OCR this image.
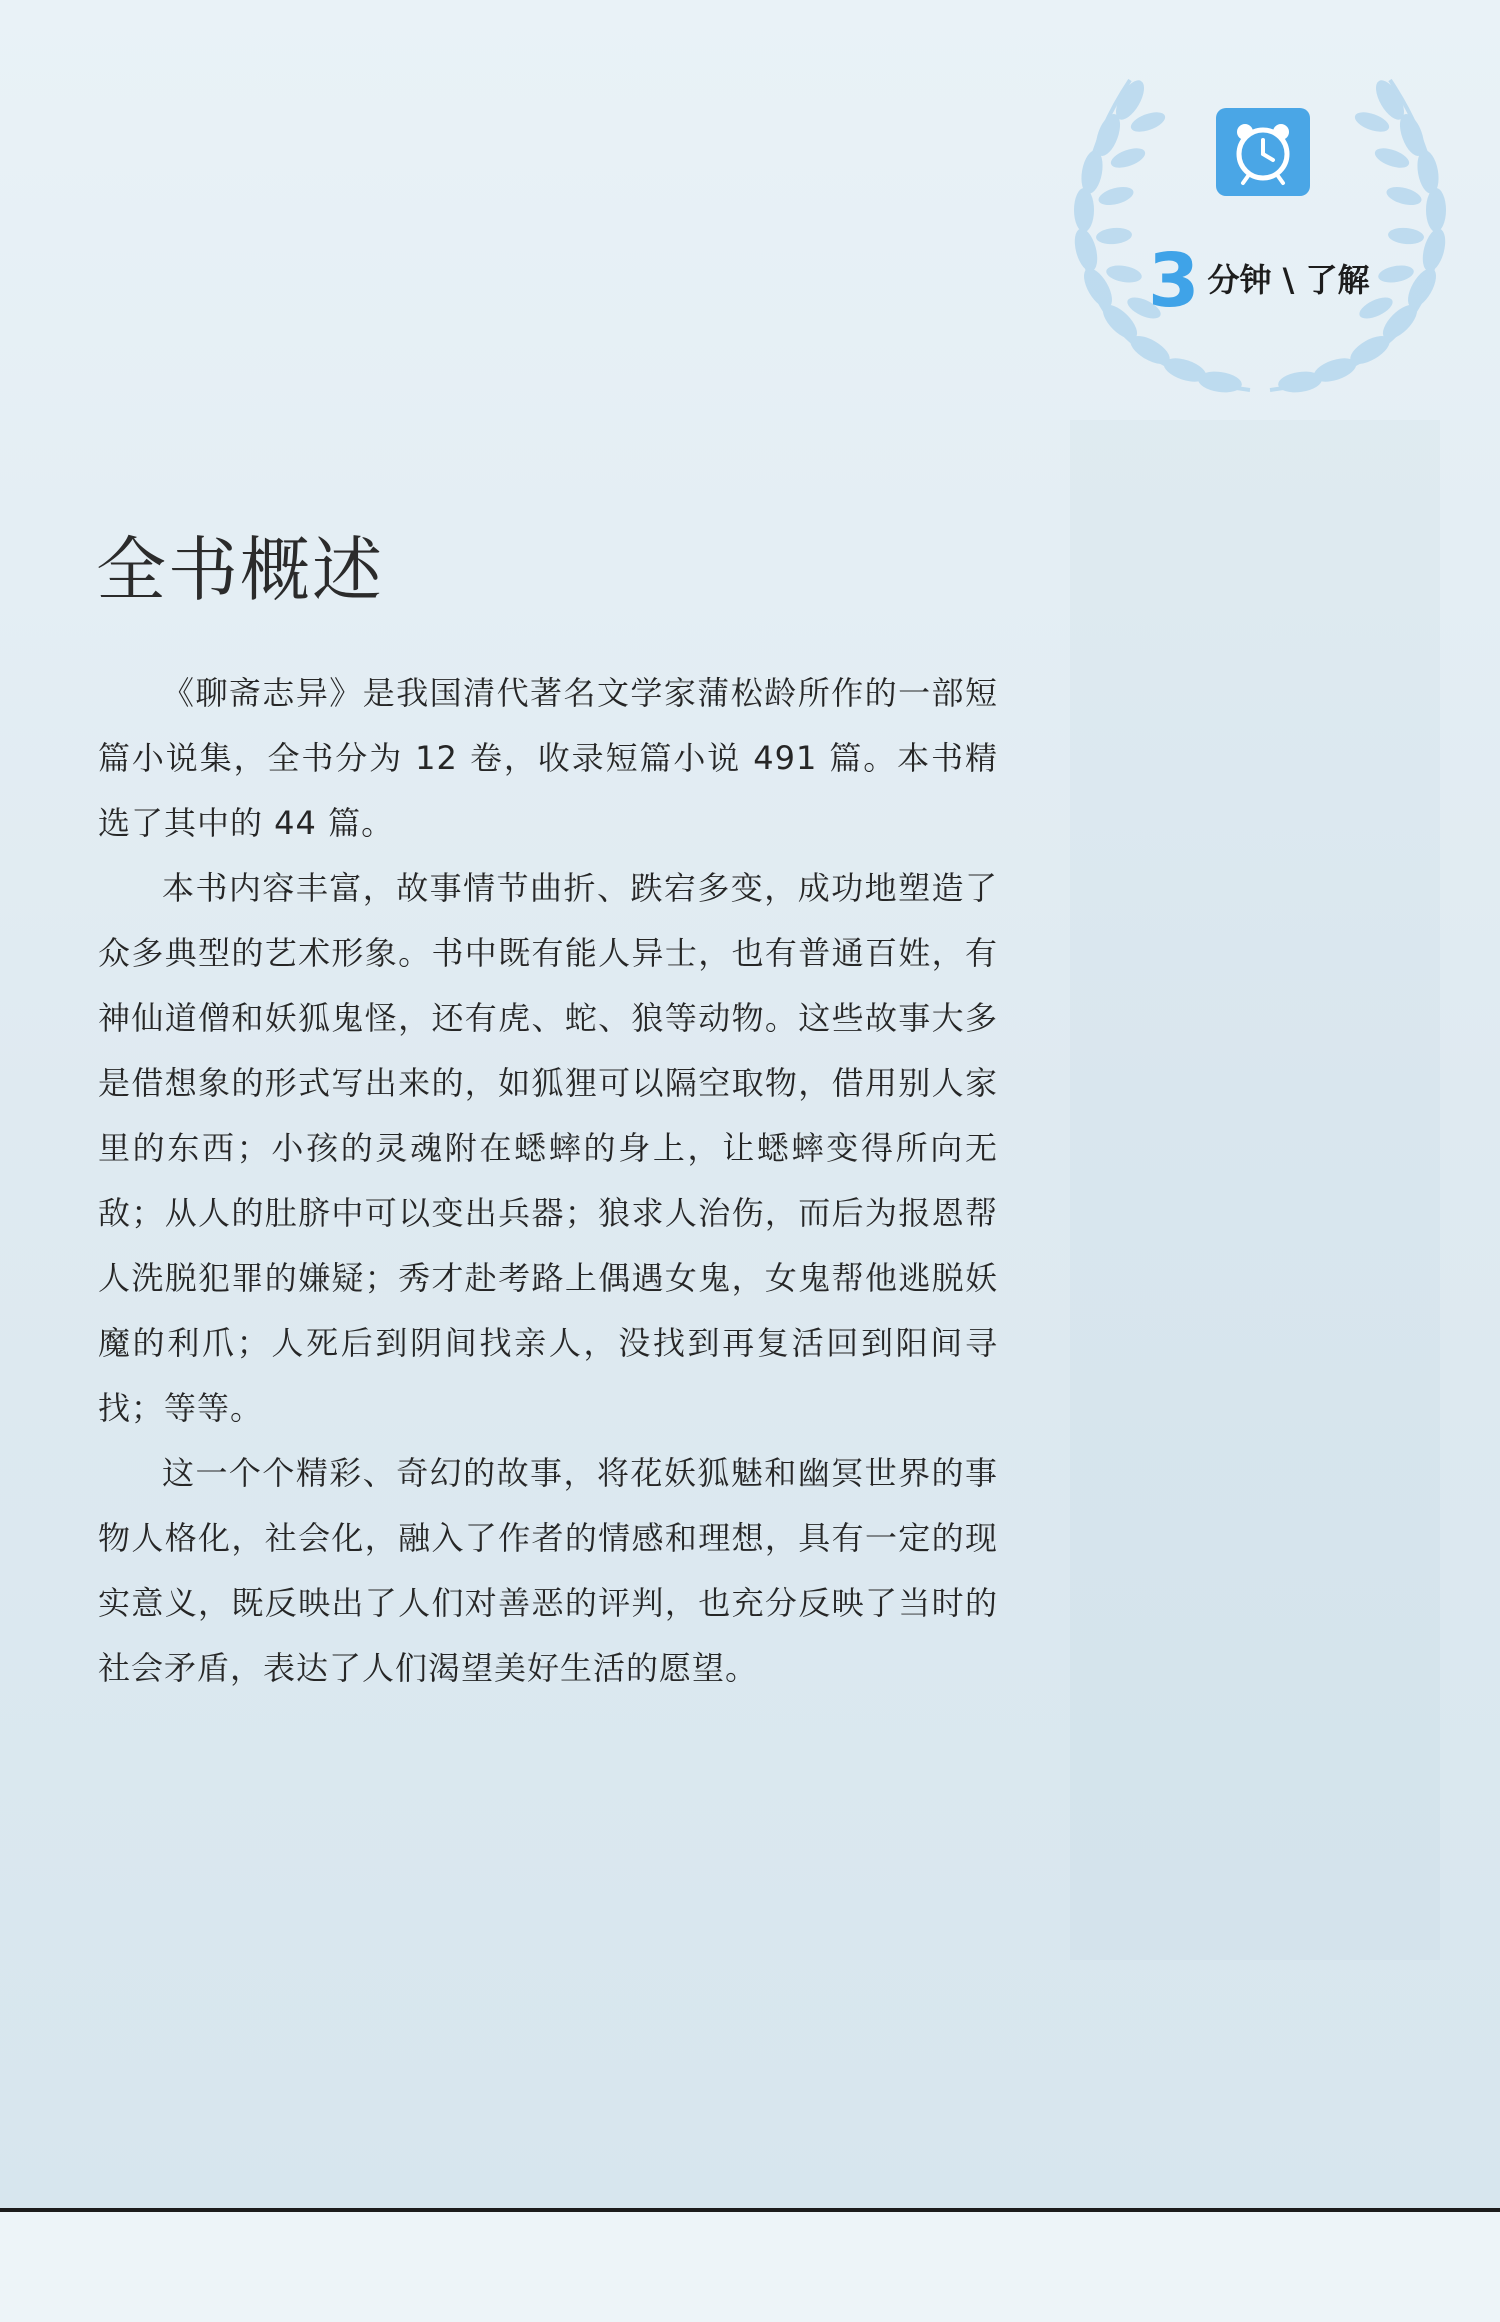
3 分钟 \ 了解
全书概述

《聊斋志异》是我国清代著名文学家蒲松龄所作的一部短篇小说集，全书分为 12 卷，收录短篇小说 491 篇。本书精选了其中的 44 篇。

本书内容丰富，故事情节曲折、跌宕多变，成功地塑造了众多典型的艺术形象。书中既有能人异士，也有普通百姓，有神仙道僧和妖狐鬼怪，还有虎、蛇、狼等动物。这些故事大多是借想象的形式写出来的，如狐狸可以隔空取物，借用别人家里的东西；小孩的灵魂附在蟋蟀的身上，让蟋蟀变得所向无敌；从人的肚脐中可以变出兵器；狼求人治伤，而后为报恩帮人洗脱犯罪的嫌疑；秀才赴考路上偶遇女鬼，女鬼帮他逃脱妖魔的利爪；人死后到阴间找亲人，没找到再复活回到阳间寻找；等等。

这一个个精彩、奇幻的故事，将花妖狐魅和幽冥世界的事物人格化，社会化，融入了作者的情感和理想，具有一定的现实意义，既反映出了人们对善恶的评判，也充分反映了当时的社会矛盾，表达了人们渴望美好生活的愿望。
